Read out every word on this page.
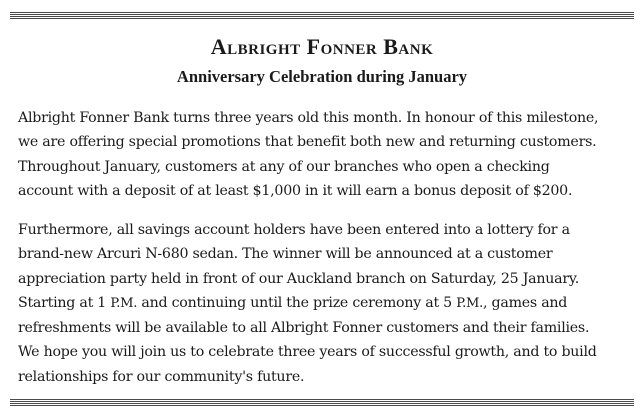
Albright Fonner Bank
Anniversary Celebration during January

Albright Fonner Bank turns three years old this month. In honour of this milestone,
we are offering special promotions that benefit both new and returning customers.
Throughout January, customers at any of our branches who open a checking
account with a deposit of at least $1,000 in it will earn a bonus deposit of $200.

Furthermore, all savings account holders have been entered into a lottery for a
brand-new Arcuri N-680 sedan. The winner will be announced at a customer
appreciation party held in front of our Auckland branch on Saturday, 25 January.
Starting at 1 P.M. and continuing until the prize ceremony at 5 P.M., games and
refreshments will be available to all Albright Fonner customers and their families.
We hope you will join us to celebrate three years of successful growth, and to build
relationships for our community's future.
